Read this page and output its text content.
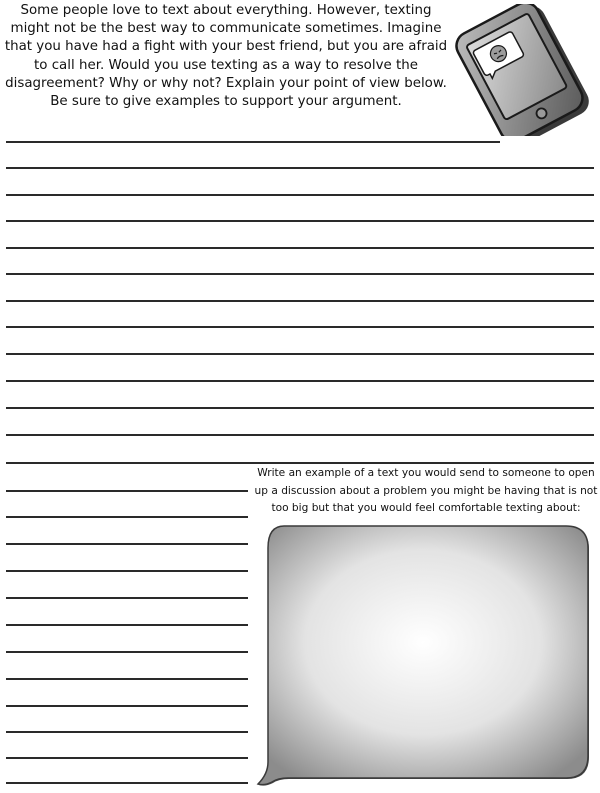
Some people love to text about everything. However, texting might not be the best way to communicate sometimes. Imagine that you have had a fight with your best friend, but you are afraid to call her. Would you use texting as a way to resolve the disagreement? Why or why not? Explain your point of view below. Be sure to give examples to support your argument.

Write an example of a text you would send to someone to open up a discussion about a problem you might be having that is not too big but that you would feel comfortable texting about:
